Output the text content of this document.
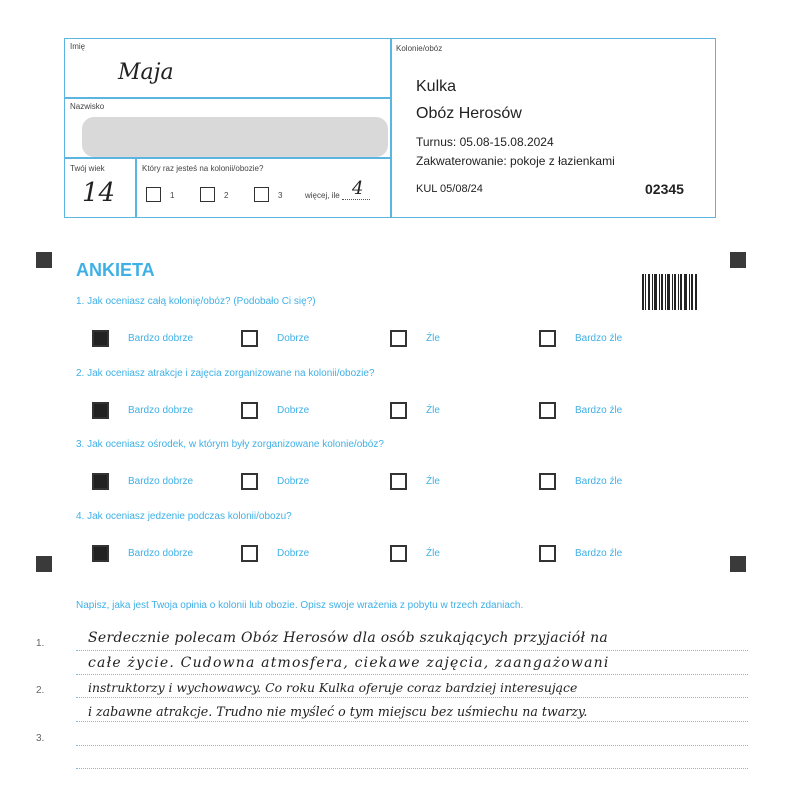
Imię
Maja
Nazwisko
Twój wiek
14
Który raz jesteś na kolonii/obozie?
1	2	3	więcej, ile 4
Kolonie/obóz
Kulka
Obóz Herosów
Turnus: 05.08-15.08.2024
Zakwaterowanie: pokoje z łazienkami
KUL 05/08/24	02345
ANKIETA
1. Jak oceniasz całą kolonię/obóz? (Podobało Ci się?)
Bardzo dobrze	Dobrze	Źle	Bardzo źle
2. Jak oceniasz atrakcje i zajęcia zorganizowane na kolonii/obozie?
Bardzo dobrze	Dobrze	Źle	Bardzo źle
3. Jak oceniasz ośrodek, w którym były zorganizowane kolonie/obóz?
Bardzo dobrze	Dobrze	Źle	Bardzo źle
4. Jak oceniasz jedzenie podczas kolonii/obozu?
Bardzo dobrze	Dobrze	Źle	Bardzo źle
Napisz, jaka jest Twoja opinia o kolonii lub obozie. Opisz swoje wrażenia z pobytu w trzech zdaniach.
1.
2.
3.
Serdecznie polecam Obóz Herosów dla osób szukających przyjaciół na
całe życie. Cudowna atmosfera, ciekawe zajęcia, zaangażowani
instruktorzy i wychowawcy. Co roku Kulka oferuje coraz bardziej interesujące
i zabawne atrakcje. Trudno nie myśleć o tym miejscu bez uśmiechu na twarzy.
